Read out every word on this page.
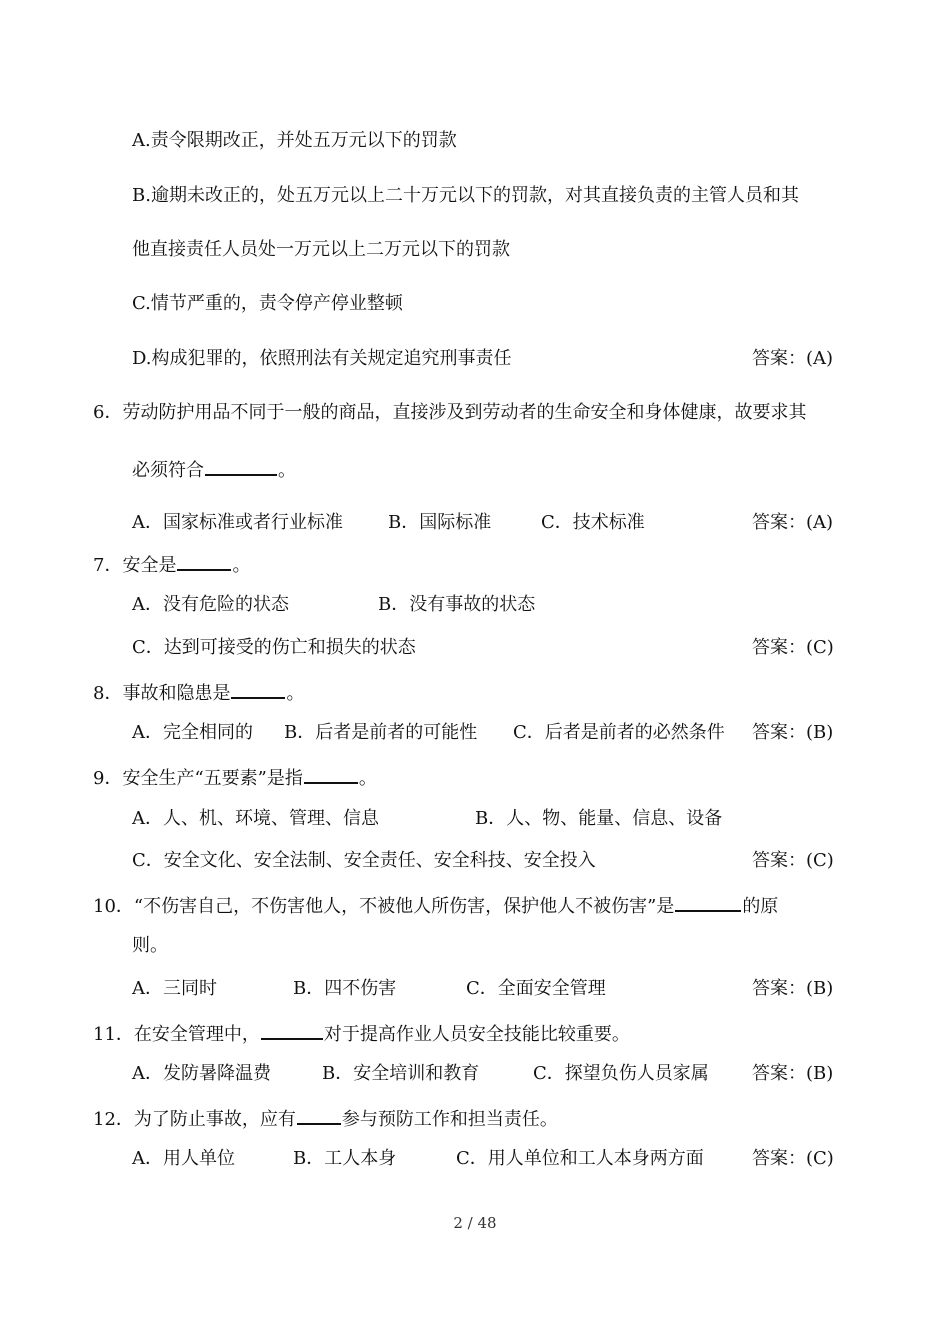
A.责令限期改正，并处五万元以下的罚款
B.逾期未改正的，处五万元以上二十万元以下的罚款，对其直接负责的主管人员和其
他直接责任人员处一万元以上二万元以下的罚款
C.情节严重的，责令停产停业整顿
D.构成犯罪的，依照刑法有关规定追究刑事责任	答案：(A)
6．劳动防护用品不同于一般的商品，直接涉及到劳动者的生命安全和身体健康，故要求其
必须符合	。
A．国家标准或者行业标准	B．国际标准	C．技术标准	答案：(A)
7．安全是	。
A．没有危险的状态	B．没有事故的状态
C．达到可接受的伤亡和损失的状态	答案：(C)
8．事故和隐患是	。
A．完全相同的 B．后者是前者的可能性 C．后者是前者的必然条件 答案：(B)
9．安全生产“五要素”是指	。
A．人、机、环境、管理、信息	B．人、物、能量、信息、设备
C．安全文化、安全法制、安全责任、安全科技、安全投入	答案：(C)
10．“不伤害自己，不伤害他人，不被他人所伤害，保护他人不被伤害”是	的原
则。
A．三同时	B．四不伤害	C．全面安全管理	答案：(B)
11．在安全管理中，	对于提高作业人员安全技能比较重要。
A．发防暑降温费	B．安全培训和教育	C．探望负伤人员家属 答案：(B)
12．为了防止事故，应有	参与预防工作和担当责任。
A．用人单位	B．工人本身	C．用人单位和工人本身两方面	答案：(C)
2 / 48
